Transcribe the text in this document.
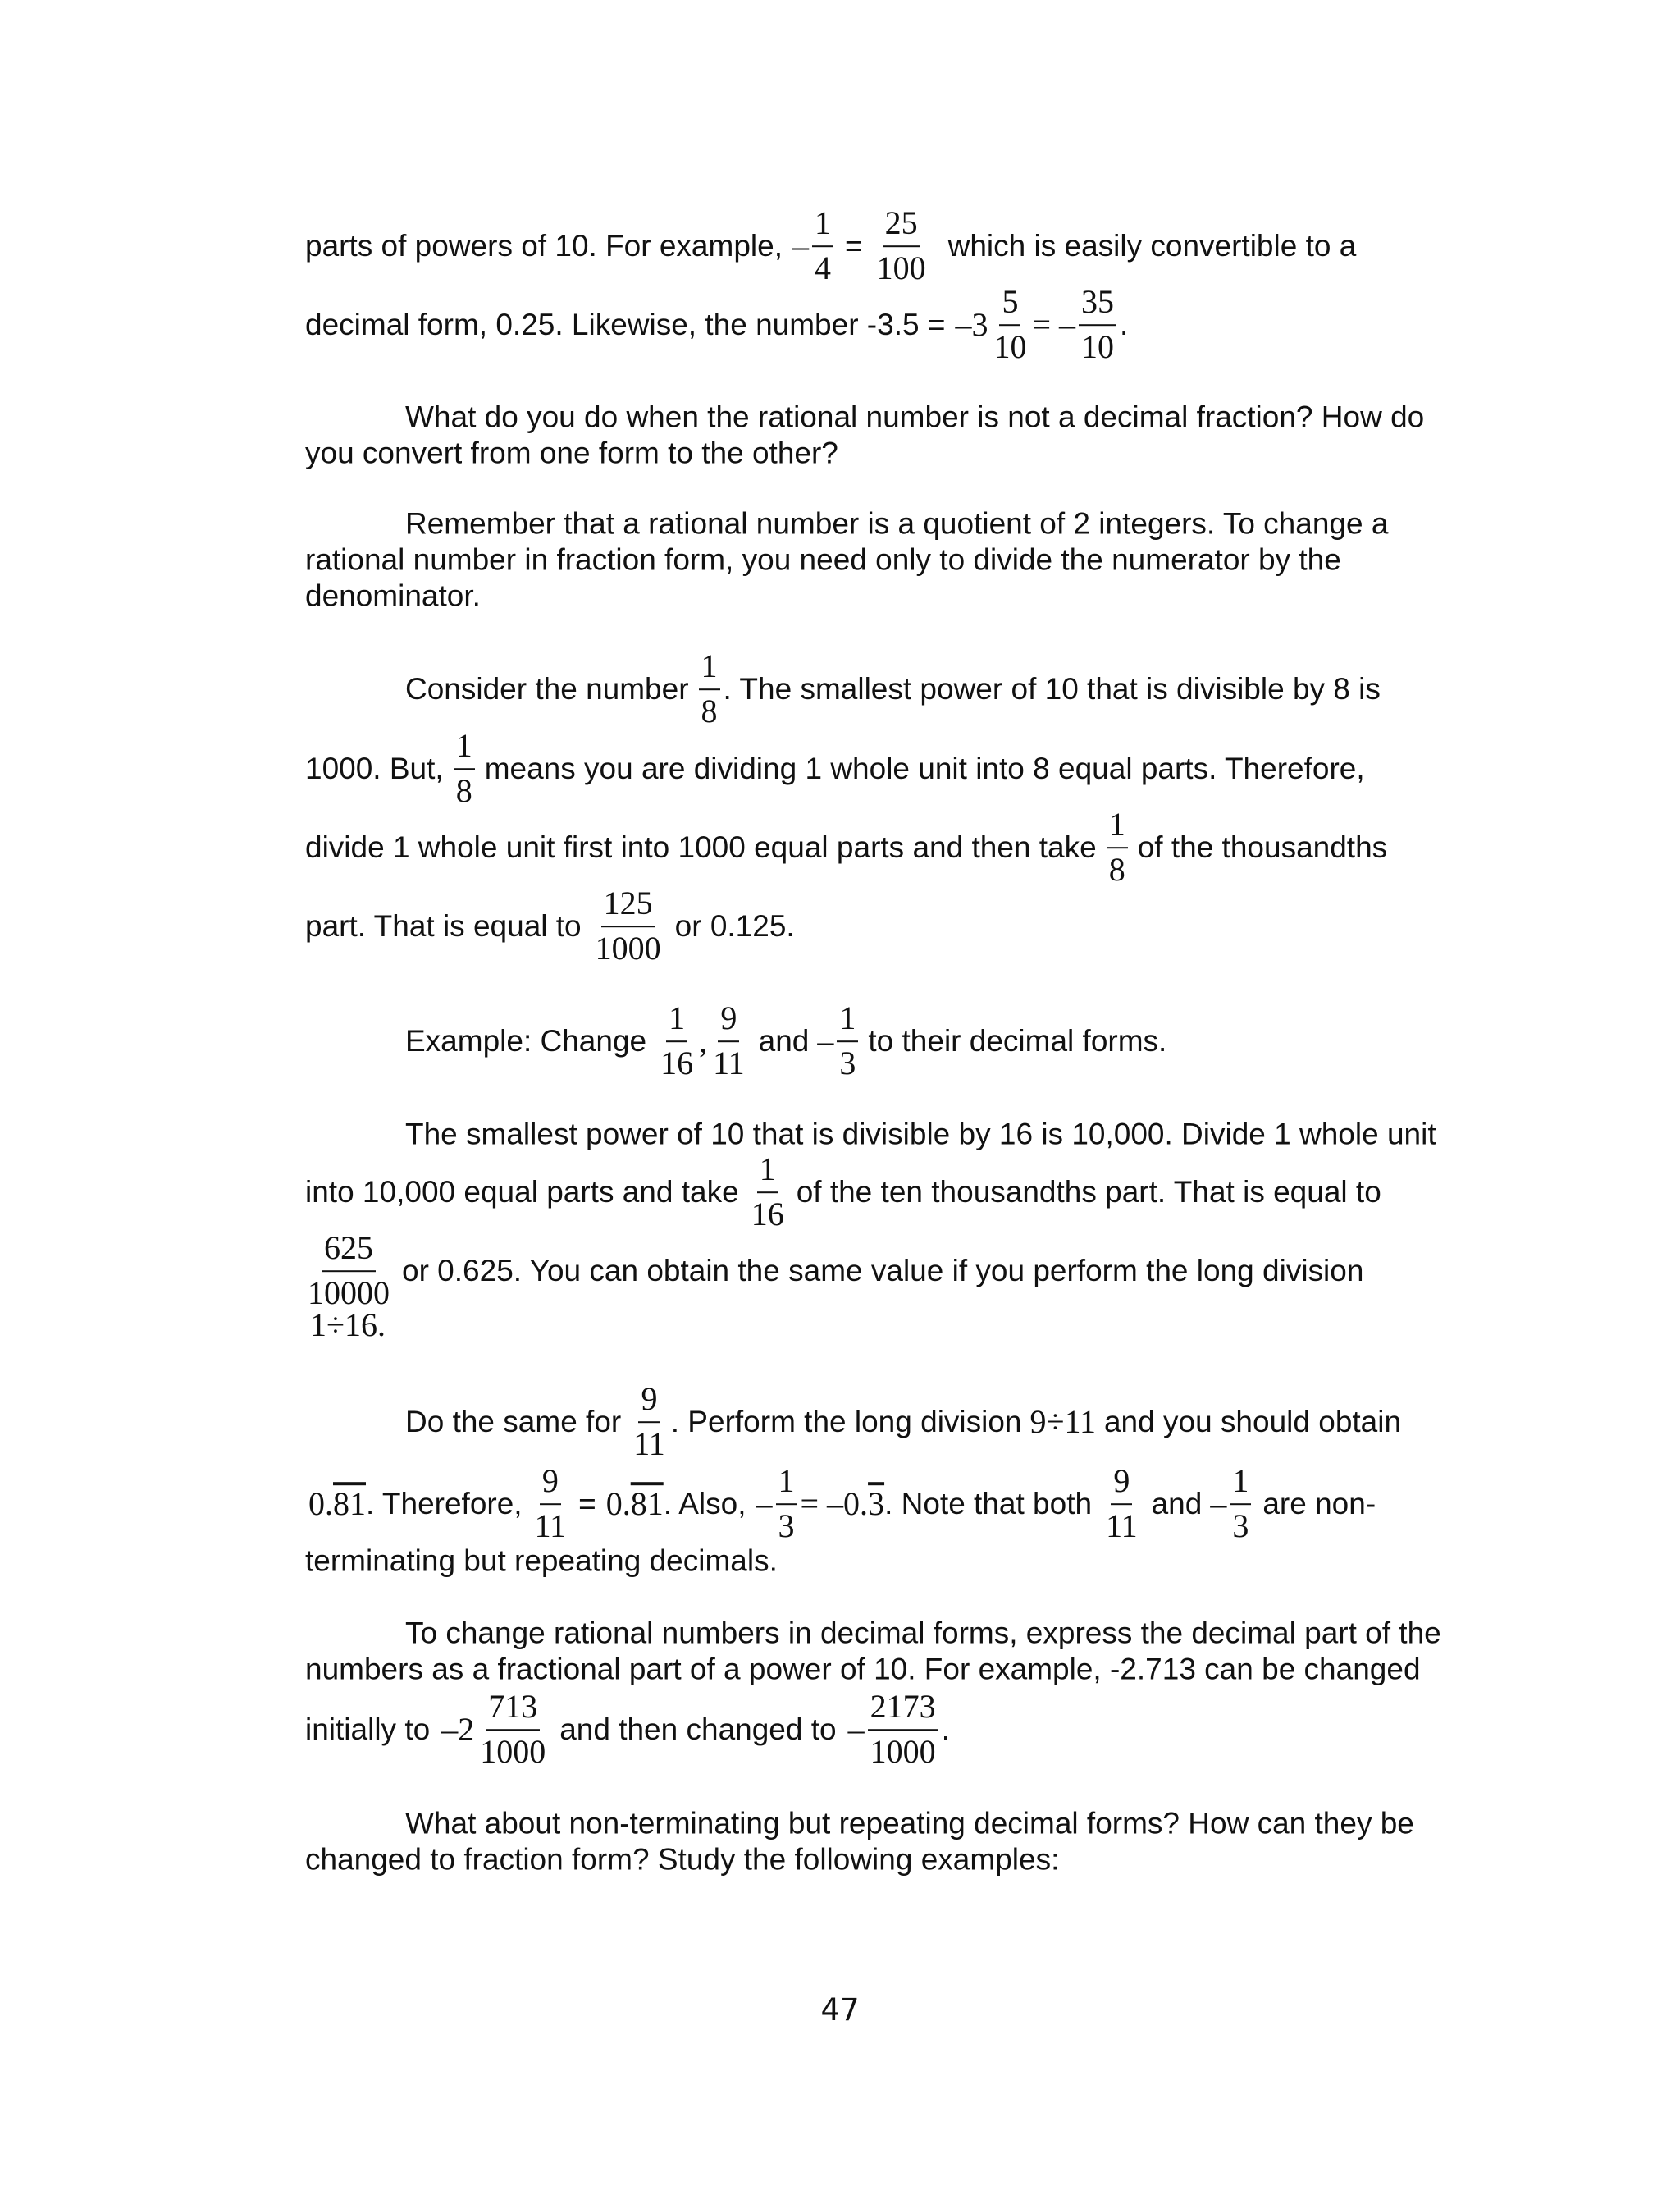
parts of powers of 10. For example, – $\frac{1}{4} = \frac{25}{100}$ which is easily convertible to a
decimal form, 0.25. Likewise, the number $-3.5 = -3 \frac{5}{10}$ = –
35
10
.
What do you do when the rational number is not a decimal fraction? How do
you convert from one form to the other?
Remember that a rational number is a quotient of 2 integers. To change a
rational number in fraction form, you need only to divide the numerator by the
denominator.
Consider the number
1
8
. The smallest power of 10 that is divisible by 8 is
1000. But,
1
8
means you are dividing 1 whole unit into 8 equal parts. Therefore,
divide 1 whole unit first into 1000 equal parts and then take
1
8
of the thousandths
part. That is equal to
125
1000
or 0.125.
Example: Change
1
16
,
9
11
and –
1
3
to their decimal forms.
The smallest power of 10 that is divisible by 16 is 10,000. Divide 1 whole unit
into 10,000 equal parts and take
1
16
of the ten thousandths part. That is equal to
625
10000
or 0.625. You can obtain the same value if you perform the long division
1÷16.
Do the same for
9
11
. Perform the long division 9÷11 and you should obtain
0. 81 . Therefore, $\frac{9}{11} = 0$. 81 . Also, – $\frac{1}{3} = -0$. 3 . Note that both
9
11
and –
1
3
are non-
terminating but repeating decimals.
To change rational numbers in decimal forms, express the decimal part of the
numbers as a fractional part of a power of 10. For example, -2.713 can be changed
initially to –2
713
1000
and then changed to –
2173
1000
.
What about non-terminating but repeating decimal forms? How can they be
changed to fraction form? Study the following examples:
47
